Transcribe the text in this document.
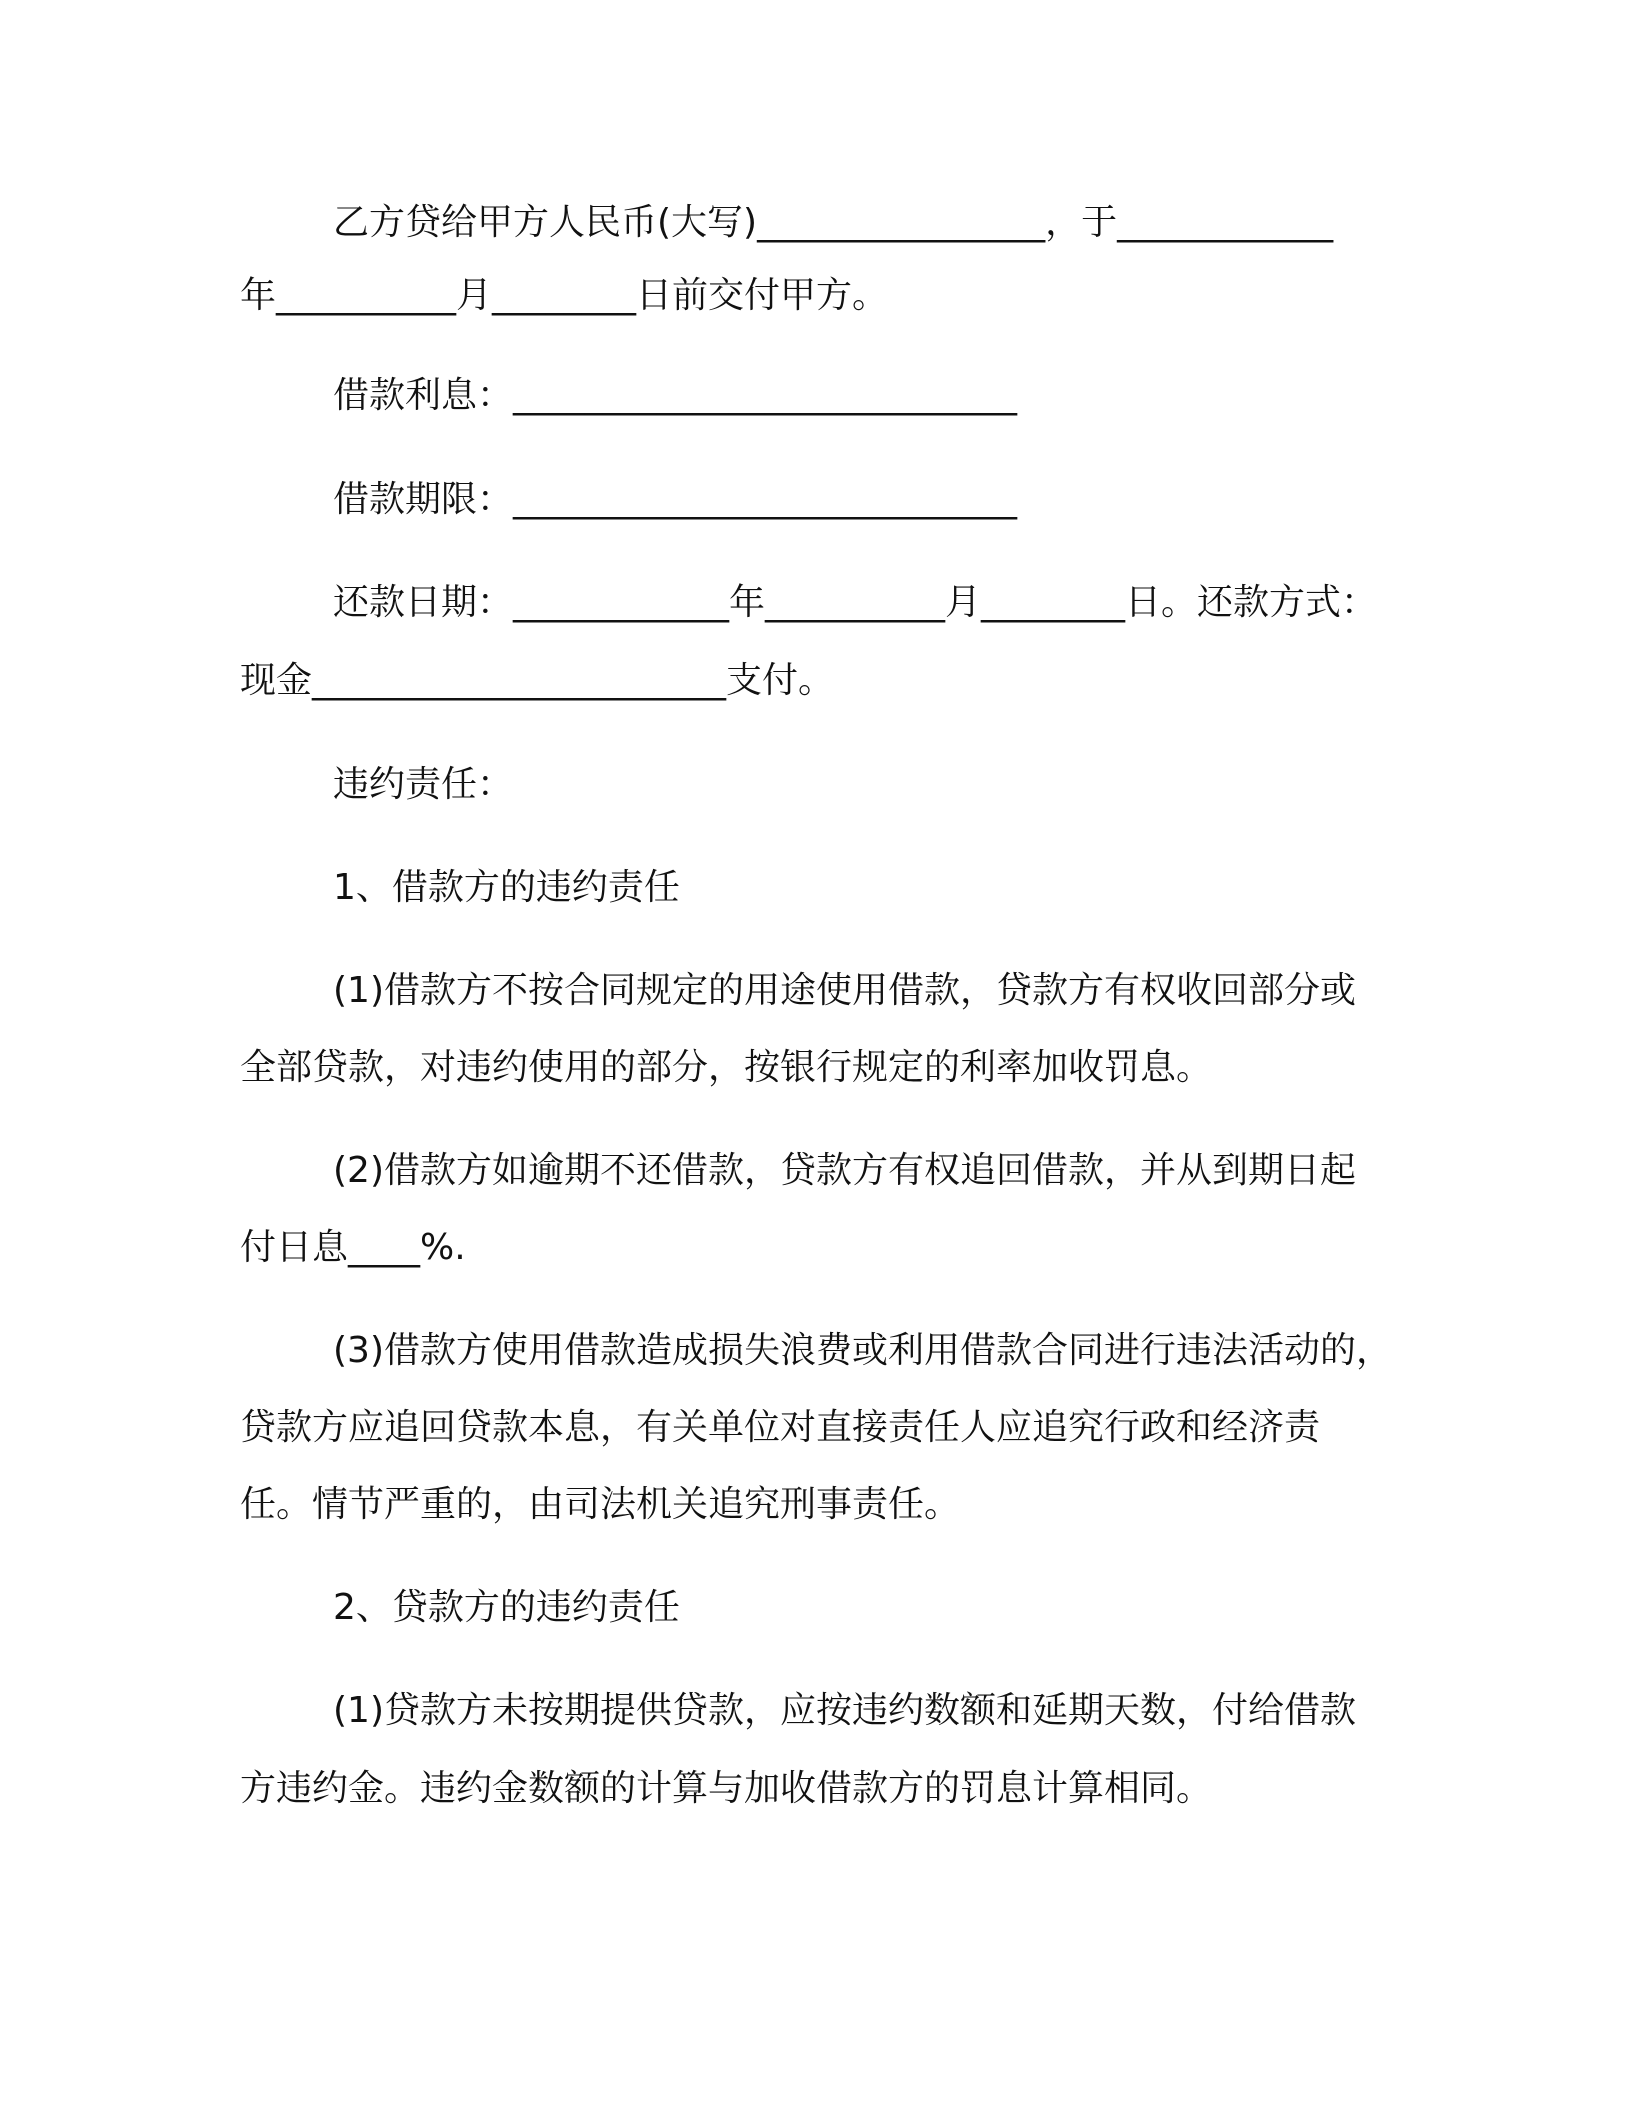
乙方贷给甲方人民币(大写)________________，于____________
年__________月________日前交付甲方。
借款利息：____________________________
借款期限：____________________________
还款日期：____________年__________月________日。还款方式：
现金_______________________支付。
违约责任：
1、借款方的违约责任
(1)借款方不按合同规定的用途使用借款，贷款方有权收回部分或
全部贷款，对违约使用的部分，按银行规定的利率加收罚息。
(2)借款方如逾期不还借款，贷款方有权追回借款，并从到期日起
付日息____%.
(3)借款方使用借款造成损失浪费或利用借款合同进行违法活动的，
贷款方应追回贷款本息，有关单位对直接责任人应追究行政和经济责
任。情节严重的，由司法机关追究刑事责任。
2、贷款方的违约责任
(1)贷款方未按期提供贷款，应按违约数额和延期天数，付给借款
方违约金。违约金数额的计算与加收借款方的罚息计算相同。
